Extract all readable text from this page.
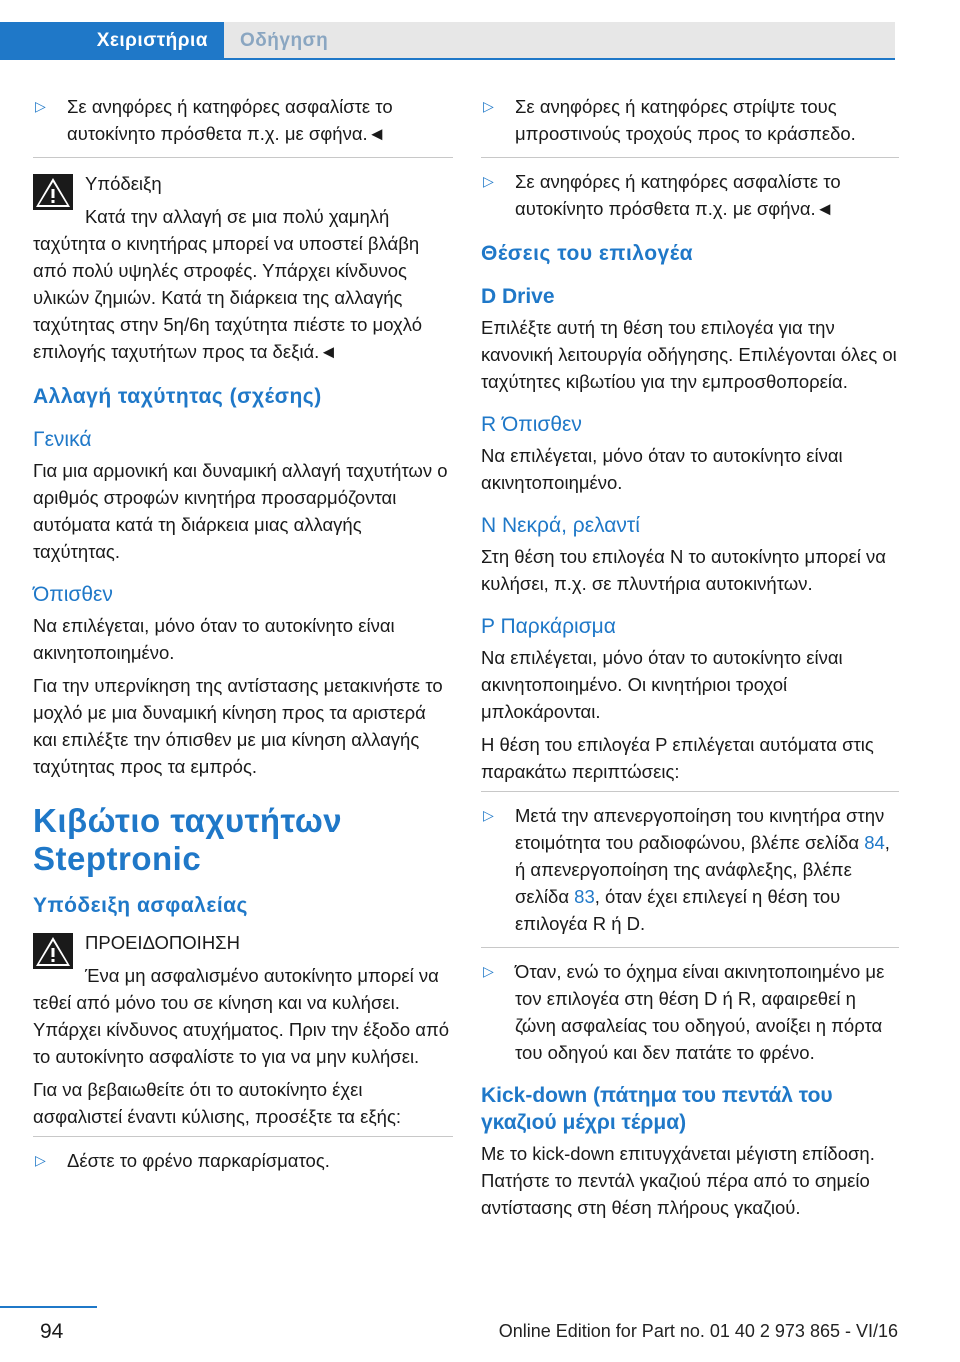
Χειριστήρια Οδήγηση
▷ Σε ανηφόρες ή κατηφόρες ασφαλίστε το αυτοκίνητο πρόσθετα π.χ. με σφήνα.◄

Υπόδειξη

Κατά την αλλαγή σε μια πολύ χαμηλή ταχύτητα ο κινητήρας μπορεί να υποστεί βλάβη από πολύ υψηλές στροφές. Υπάρχει κίνδυνος υλικών ζημιών. Κατά τη διάρκεια της αλλαγής ταχύτητας στην 5η/6η ταχύτητα πιέστε το μοχλό επιλογής ταχυτήτων προς τα δεξιά.◄

Αλλαγή ταχύτητας (σχέσης)
Γενικά

Για μια αρμονική και δυναμική αλλαγή ταχυτήτων ο αριθμός στροφών κινητήρα προσαρμόζονται αυτόματα κατά τη διάρκεια μιας αλλαγής ταχύτητας.

Όπισθεν

Να επιλέγεται, μόνο όταν το αυτοκίνητο είναι ακινητοποιημένο.

Για την υπερνίκηση της αντίστασης μετακινήστε το μοχλό με μια δυναμική κίνηση προς τα αριστερά και επιλέξτε την όπισθεν με μια κίνηση αλλαγής ταχύτητας προς τα εμπρός.

Κιβώτιο ταχυτήτων Steptronic
Υπόδειξη ασφαλείας

ΠΡΟΕΙΔΟΠΟΙΗΣΗ

Ένα μη ασφαλισμένο αυτοκίνητο μπορεί να τεθεί από μόνο του σε κίνηση και να κυλήσει. Υπάρχει κίνδυνος ατυχήματος. Πριν την έξοδο από το αυτοκίνητο ασφαλίστε το για να μην κυλήσει.

Για να βεβαιωθείτε ότι το αυτοκίνητο έχει ασφαλιστεί έναντι κύλισης, προσέξτε τα εξής:

▷ Δέστε το φρένο παρκαρίσματος.
▷ Σε ανηφόρες ή κατηφόρες στρίψτε τους μπροστινούς τροχούς προς το κράσπεδο.
▷ Σε ανηφόρες ή κατηφόρες ασφαλίστε το αυτοκίνητο πρόσθετα π.χ. με σφήνα.◄
Θέσεις του επιλογέα
D Drive

Επιλέξτε αυτή τη θέση του επιλογέα για την κανονική λειτουργία οδήγησης. Επιλέγονται όλες οι ταχύτητες κιβωτίου για την εμπροσθοπορεία.

R Όπισθεν

Να επιλέγεται, μόνο όταν το αυτοκίνητο είναι ακινητοποιημένο.

N Νεκρά, ρελαντί

Στη θέση του επιλογέα N το αυτοκίνητο μπορεί να κυλήσει, π.χ. σε πλυντήρια αυτοκινήτων.

P Παρκάρισμα

Να επιλέγεται, μόνο όταν το αυτοκίνητο είναι ακινητοποιημένο. Οι κινητήριοι τροχοί μπλοκάρονται.

Η θέση του επιλογέα P επιλέγεται αυτόματα στις παρακάτω περιπτώσεις:

▷ Μετά την απενεργοποίηση του κινητήρα στην ετοιμότητα του ραδιοφώνου, βλέπε σελίδα 84, ή απενεργοποίηση της ανάφλεξης, βλέπε σελίδα 83, όταν έχει επιλεγεί η θέση του επιλογέα R ή D.
▷ Όταν, ενώ το όχημα είναι ακινητοποιημένο με τον επιλογέα στη θέση D ή R, αφαιρεθεί η ζώνη ασφαλείας του οδηγού, ανοίξει η πόρτα του οδηγού και δεν πατάτε το φρένο.
Kick-down (πάτημα του πεντάλ του γκαζιού μέχρι τέρμα)

Με το kick-down επιτυγχάνεται μέγιστη επίδοση. Πατήστε το πεντάλ γκαζιού πέρα από το σημείο αντίστασης στη θέση πλήρους γκαζιού.

94	Online Edition for Part no. 01 40 2 973 865 - VI/16
